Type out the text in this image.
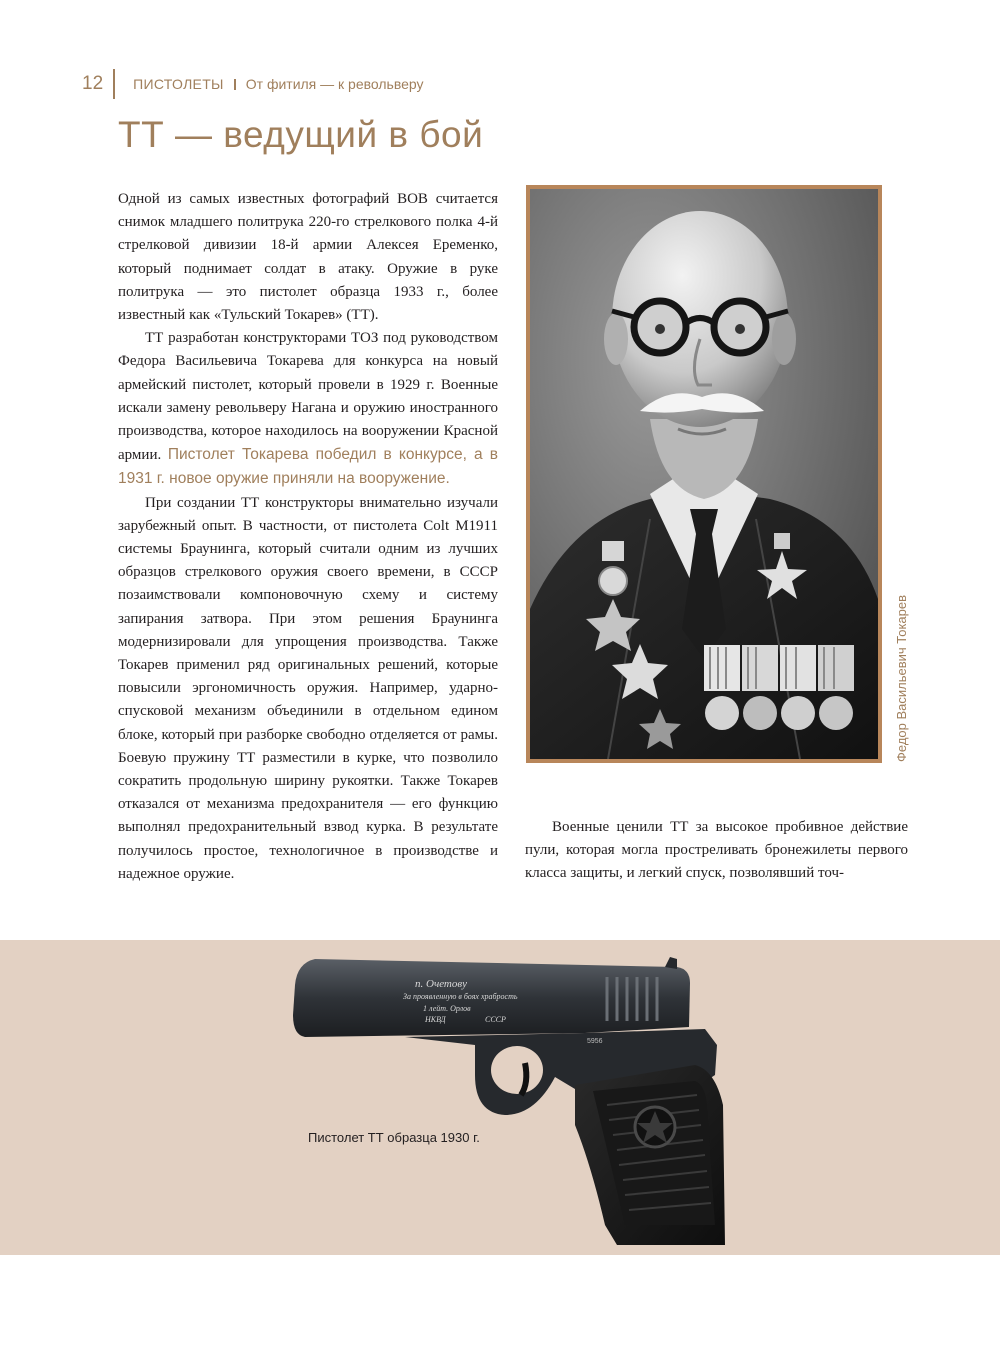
12 ПИСТОЛЕТЫ От фитиля — к револьверу
ТТ — ведущий в бой

Одной из самых известных фотографий ВОВ считается снимок младшего политрука 220-го стрелкового полка 4-й стрелковой дивизии 18-й армии Алексея Еременко, который поднимает солдат в атаку. Оружие в руке политрука — это пистолет образца 1933 г., более известный как «Тульский Токарев» (ТТ).

ТТ разработан конструкторами ТОЗ под руководством Федора Васильевича Токарева для конкурса на новый армейский пистолет, который провели в 1929 г. Военные искали замену револьверу Нагана и оружию иностранного производства, которое находилось на вооружении Красной армии. Пистолет Токарева победил в конкурсе, а в 1931 г. новое оружие приняли на вооружение.

При создании ТТ конструкторы внимательно изучали зарубежный опыт. В частности, от пистолета Colt M1911 системы Браунинга, который считали одним из лучших образцов стрелкового оружия своего времени, в СССР позаимствовали компоновочную схему и систему запирания затвора. При этом решения Браунинга модернизировали для упрощения производства. Также Токарев применил ряд оригинальных решений, которые повысили эргономичность оружия. Например, ударно-спусковой механизм объединили в отдельном едином блоке, который при разборке свободно отделяется от рамы. Боевую пружину ТТ разместили в курке, что позволило сократить продольную ширину рукоятки. Также Токарев отказался от механизма предохранителя — его функцию выполнял предохранительный взвод курка. В результате получилось простое, технологичное в производстве и надежное оружие.

Федор Васильевич Токарев

Военные ценили ТТ за высокое пробивное действие пули, которая могла простреливать бронежилеты первого класса защиты, и легкий спуск, позволявший точ-

п. Очетову
За проявленную в боях храбрость
1 лейт. Орлов
НКВД	СССР
5956
Пистолет ТТ образца 1930 г.
